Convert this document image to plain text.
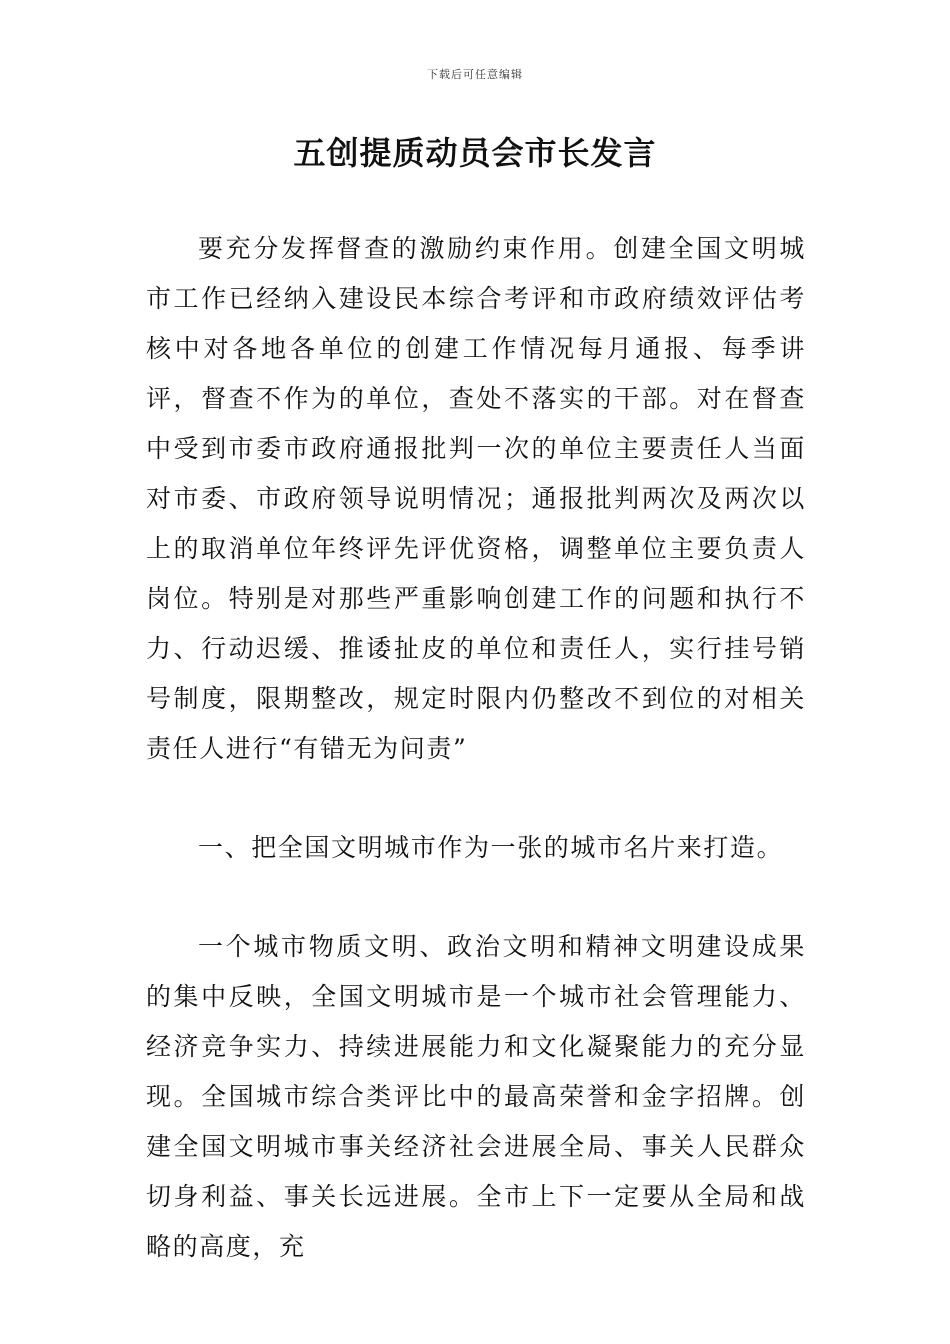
下载后可任意编辑
五创提质动员会市长发言

要充分发挥督查的激励约束作用。创建全国文明城市工作已经纳入建设民本综合考评和市政府绩效评估考核中对各地各单位的创建工作情况每月通报、每季讲评，督查不作为的单位，查处不落实的干部。对在督查中受到市委市政府通报批判一次的单位主要责任人当面对市委、市政府领导说明情况；通报批判两次及两次以上的取消单位年终评先评优资格，调整单位主要负责人岗位。特别是对那些严重影响创建工作的问题和执行不力、行动迟缓、推诿扯皮的单位和责任人，实行挂号销号制度，限期整改，规定时限内仍整改不到位的对相关责任人进行“有错无为问责”

一、把全国文明城市作为一张的城市名片来打造。

一个城市物质文明、政治文明和精神文明建设成果的集中反映，全国文明城市是一个城市社会管理能力、经济竞争实力、持续进展能力和文化凝聚能力的充分显现。全国城市综合类评比中的最高荣誉和金字招牌。创建全国文明城市事关经济社会进展全局、事关人民群众切身利益、事关长远进展。全市上下一定要从全局和战略的高度，充
